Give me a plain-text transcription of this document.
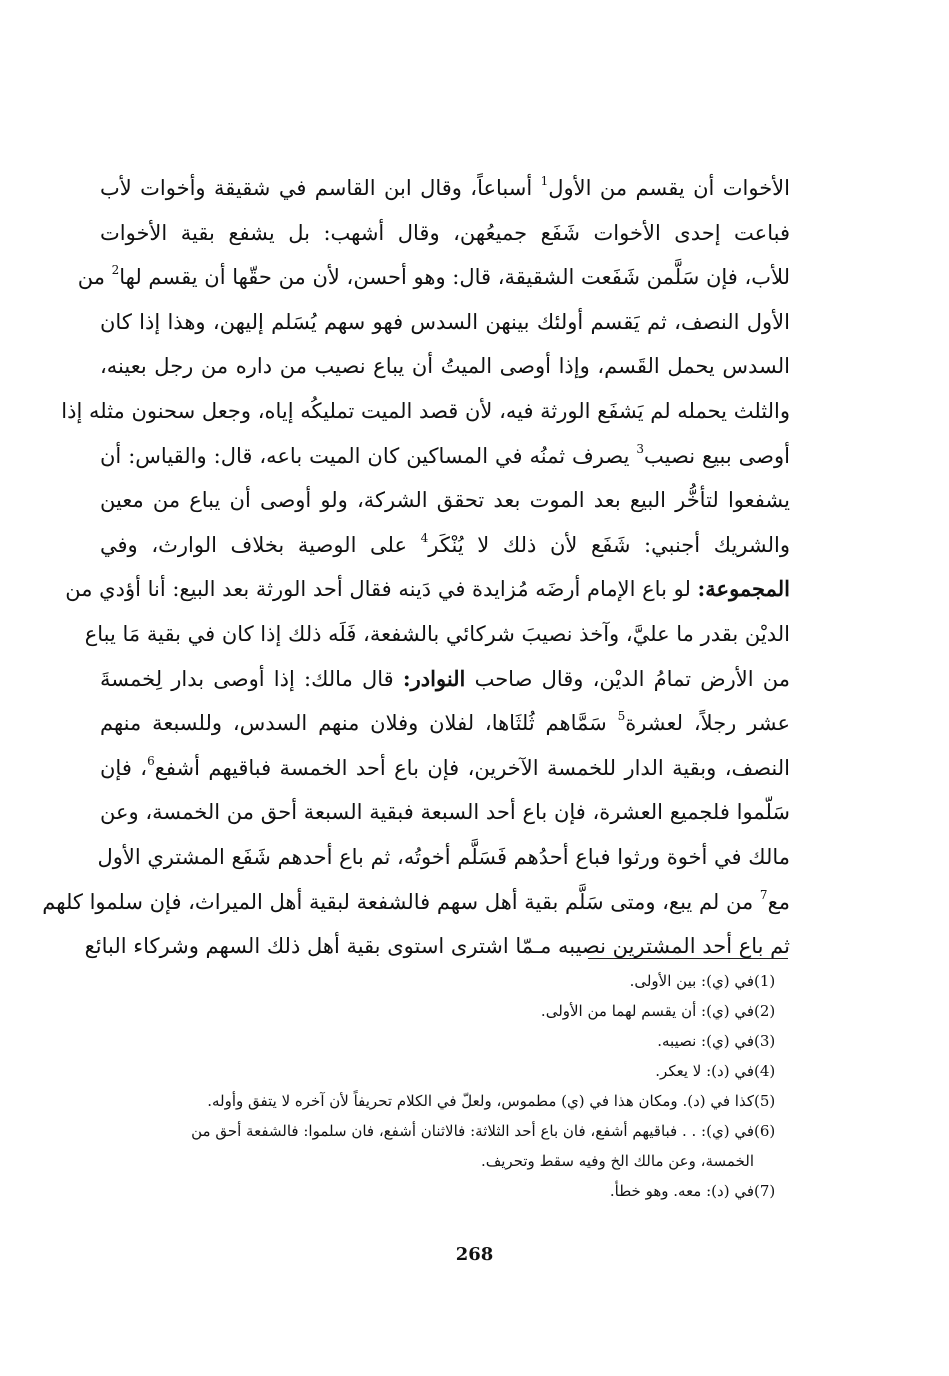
الأخوات أن يقسم من الأول$^1$ أسباعاً، وقال ابن القاسم في شقيقة وأخوات لأب
فباعت إحدى الأخوات شَفَع جميعُهن، وقال أشهب: بل يشفع بقية الأخوات
للأب، فإن سَلَّمن شَفَعت الشقيقة، قال: وهو أحسن، لأن من حقّها أن يقسم لها$^2$ من
الأول النصف، ثم يَقسم أولئك بينهن السدس فهو سهم يُسَلم إليهن، وهذا إذا كان
السدس يحمل القَسم، وإذا أوصى الميتُ أن يباع نصيب من داره من رجل بعينه،
والثلث يحمله لم يَشفَع الورثة فيه، لأن قصد الميت تمليكُه إياه، وجعل سحنون مثله إذا
أوصى ببيع نصيب$^3$ يصرف ثمنُه في المساكين كان الميت باعه، قال: والقياس: أن
يشفعوا لتأخُّر البيع بعد الموت بعد تحقق الشركة، ولو أوصى أن يباع من معين
والشريك أجنبي: شَفَع لأن ذلك لا يُنْكَر$^4$ على الوصية بخلاف الوارث، وفي
المجموعة: لو باع الإمام أرضَه مُزايدة في دَينه فقال أحد الورثة بعد البيع: أنا أؤدي من
الديْن بقدر ما عليَّ، وآخذ نصيبَ شركائي بالشفعة، فَلَه ذلك إذا كان في بقية مَا يباع
من الأرض تمامُ الديْن، وقال صاحب النوادر: قال مالك: إذا أوصى بدار لِخمسةَ
عشر رجلاً، لعشرة$^5$ سَمَّاهم ثُلثَاها، لفلان وفلان منهم السدس، وللسبعة منهم
النصف، وبقية الدار للخمسة الآخرين، فإن باع أحد الخمسة فباقيهم أشفع$^6$، فإن
سَلّموا فلجميع العشرة، فإن باع أحد السبعة فبقية السبعة أحق من الخمسة، وعن
مالك في أخوة ورثوا فباع أحدُهم فَسَلَّم أخوتُه، ثم باع أحدهم شَفَع المشتري الأول
مع$^7$ من لم يبع، ومتى سَلَّم بقية أهل سهم فالشفعة لبقية أهل الميراث، فإن سلموا كلهم
ثم باع أحد المشترين نصيبه مـمّا اشترى استوى بقية أهل ذلك السهم وشركاء البائع
(1)
في (ي): بين الأولى.
(2)
في (ي): أن يقسم لهما من الأولى.
(3)
في (ي): نصيبه.
(4)
في (د): لا يعكر.
(5)
كذا في (د). ومكان هذا في (ي) مطموس، ولعلّ في الكلام تحريفاً لأن آخره لا يتفق وأوله.
(6)
في (ي): . . فباقيهم أشفع، فان باع أحد الثلاثة: فالاثنان أشفع، فان سلموا: فالشفعة أحق من
الخمسة، وعن مالك الخ وفيه سقط وتحريف.
(7)
في (د): معه. وهو خطأ.
268
